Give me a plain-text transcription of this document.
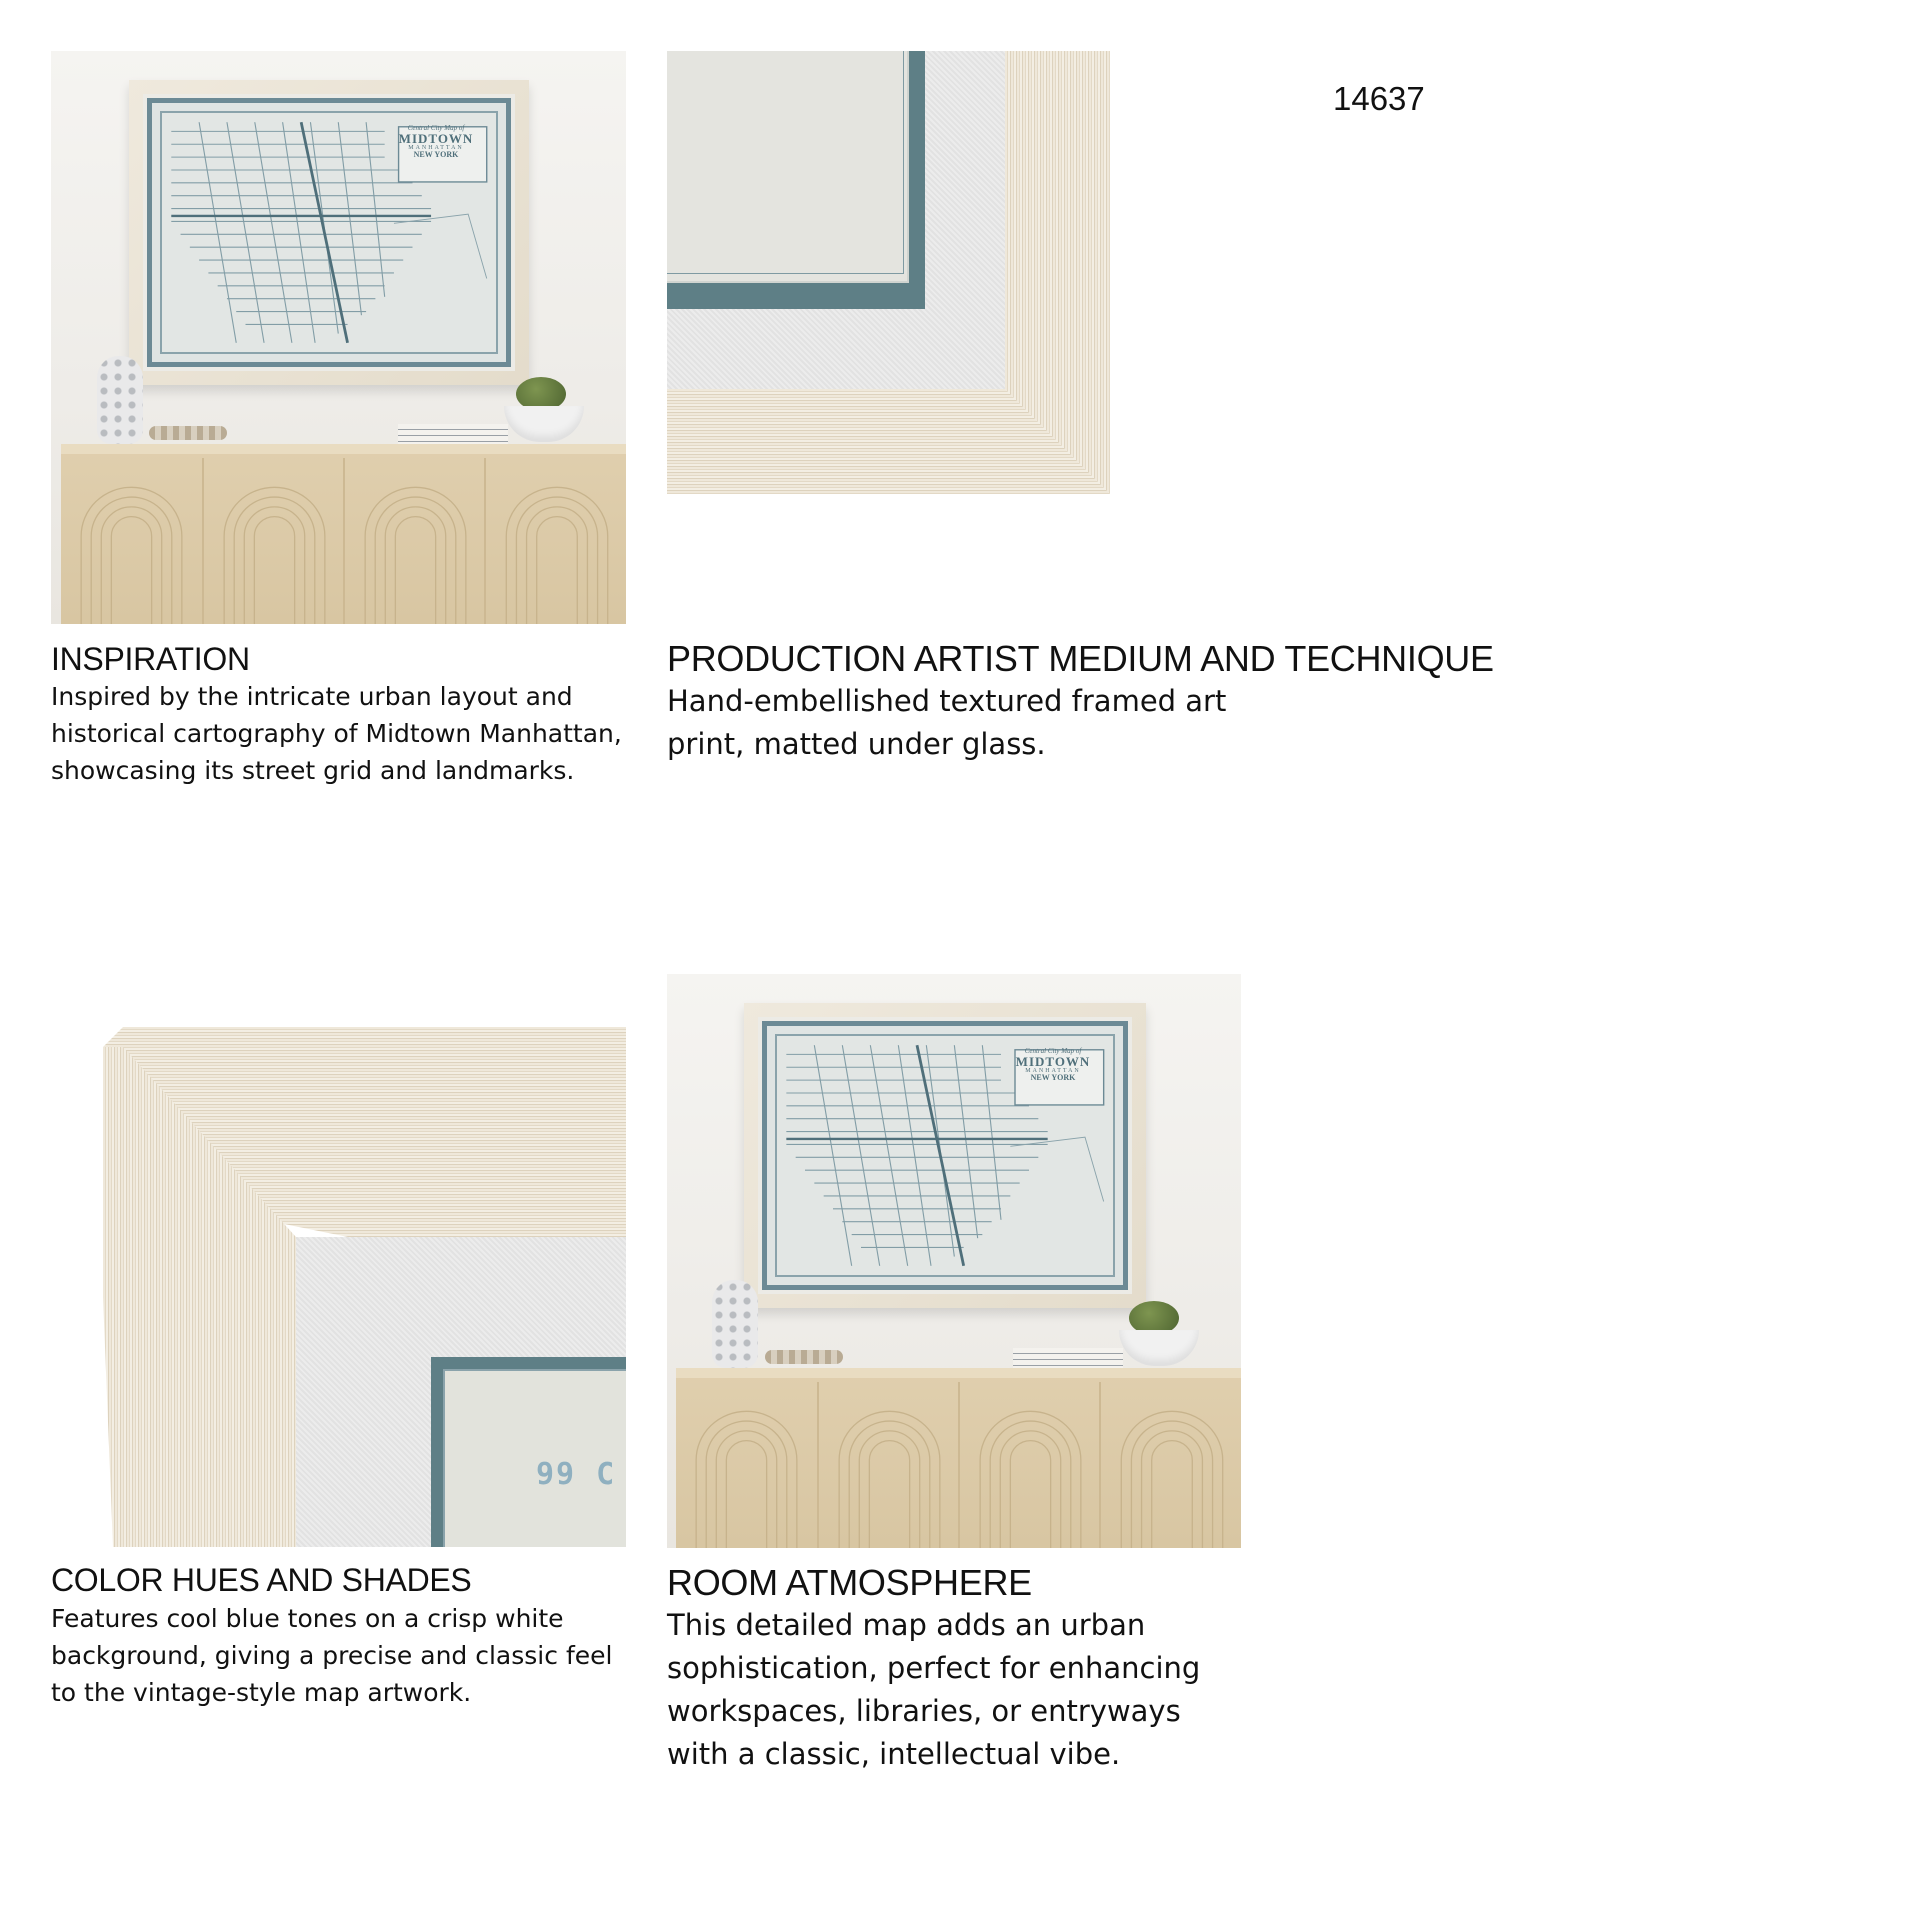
14637
Central City Map of
MIDTOWN
MANHATTAN
NEW YORK
INSPIRATION
Inspired by the intricate urban layout and historical cartography of Midtown Manhattan, showcasing its street grid and landmarks.
PRODUCTION ARTIST MEDIUM AND TECHNIQUE
Hand-embellished textured framed art print, matted under glass.
99 C
COLOR HUES AND SHADES
Features cool blue tones on a crisp white background, giving a precise and classic feel to the vintage-style map artwork.
Central City Map of
MIDTOWN
MANHATTAN
NEW YORK
ROOM ATMOSPHERE
This detailed map adds an urban sophistication, perfect for enhancing workspaces, libraries, or entryways with a classic, intellectual vibe.
